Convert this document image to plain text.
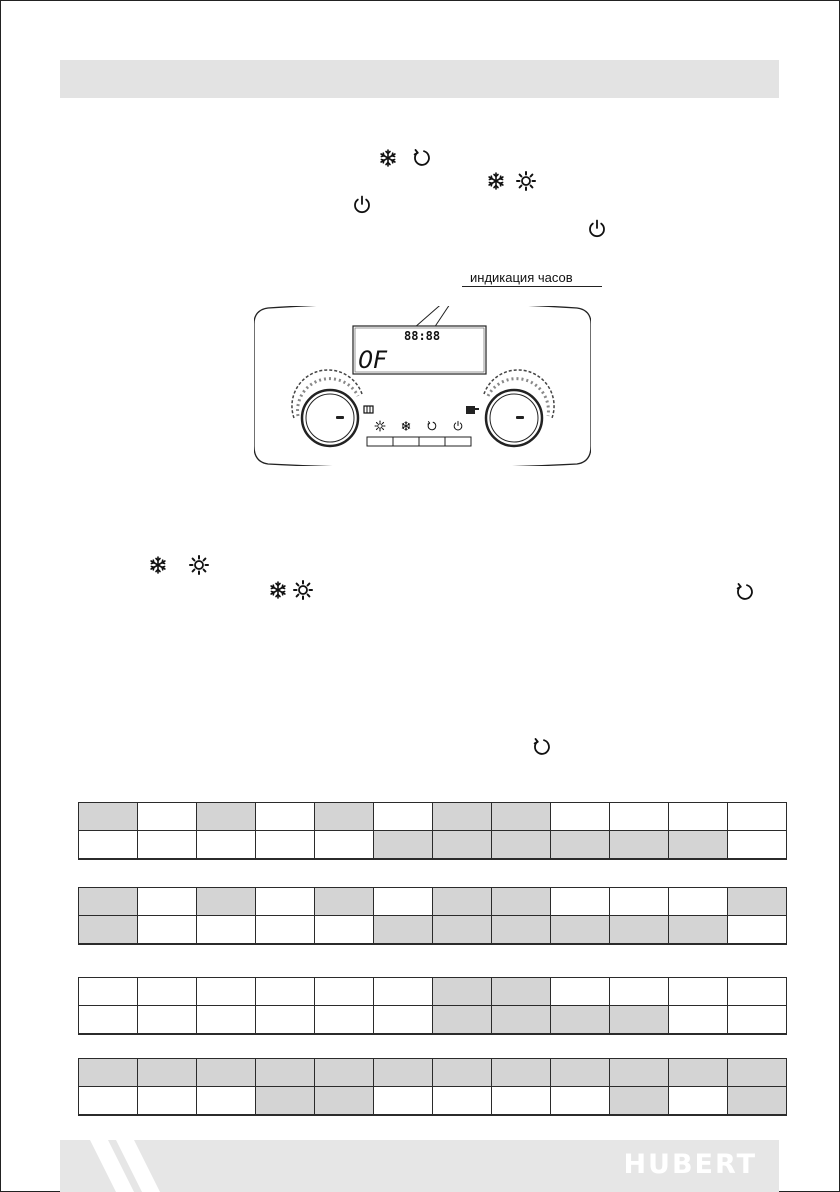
индикация часов
88:88
0F

HUBERT
